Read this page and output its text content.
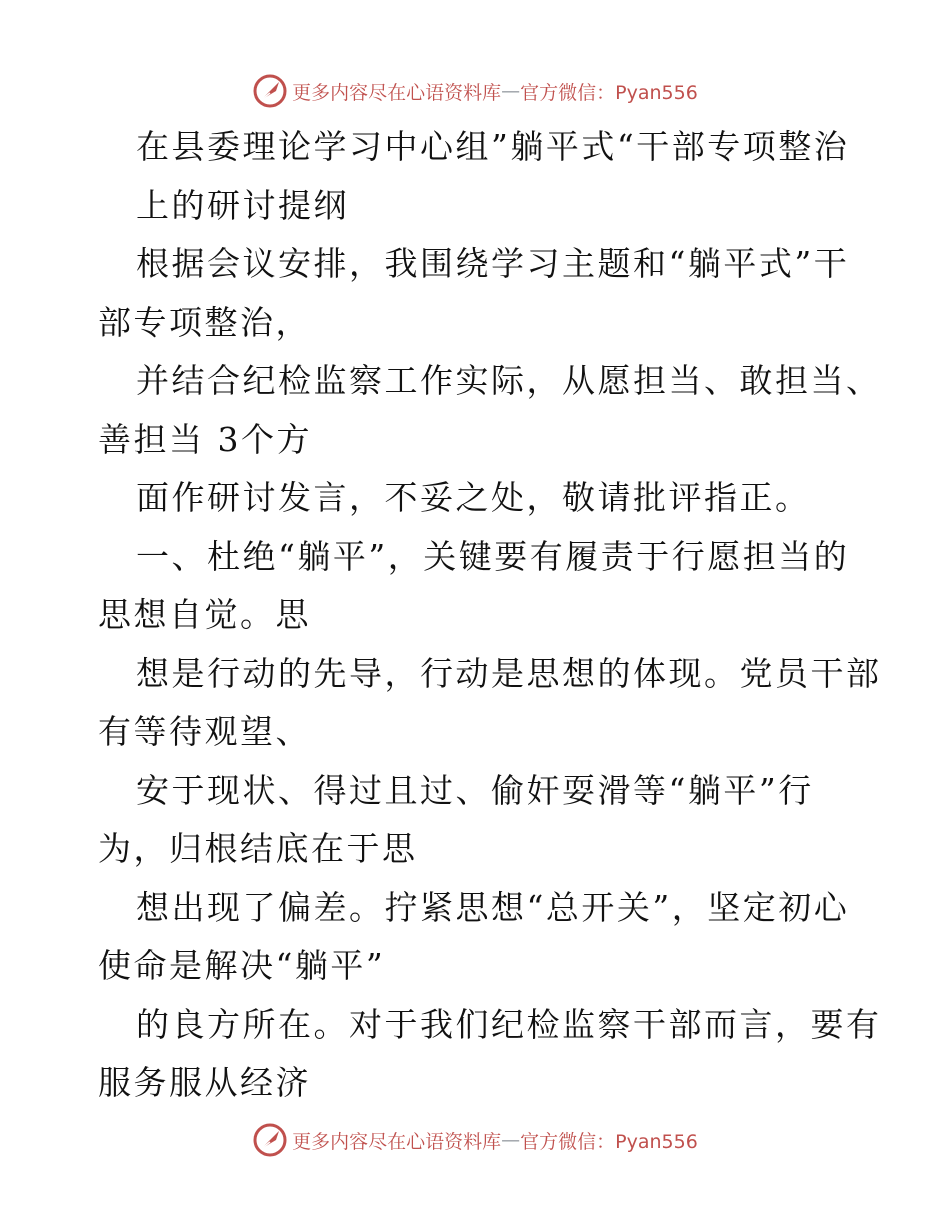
更多内容尽在心语资料库 — 官方微信：Pyan556
在县委理论学习中心组”躺平式“干部专项整治
上的研讨提纲
根据会议安排，我围绕学习主题和“躺平式”干
部专项整治，
并结合纪检监察工作实际，从愿担当、敢担当、
善担当 3个方
面作研讨发言，不妥之处，敬请批评指正。
一、杜绝“躺平”，关键要有履责于行愿担当的
思想自觉。思
想是行动的先导，行动是思想的体现。党员干部
有等待观望、
安于现状、得过且过、偷奸耍滑等“躺平”行
为，归根结底在于思
想出现了偏差。拧紧思想“总开关”，坚定初心
使命是解决“躺平”
的良方所在。对于我们纪检监察干部而言，要有
服务服从经济
更多内容尽在心语资料库 — 官方微信：Pyan556
